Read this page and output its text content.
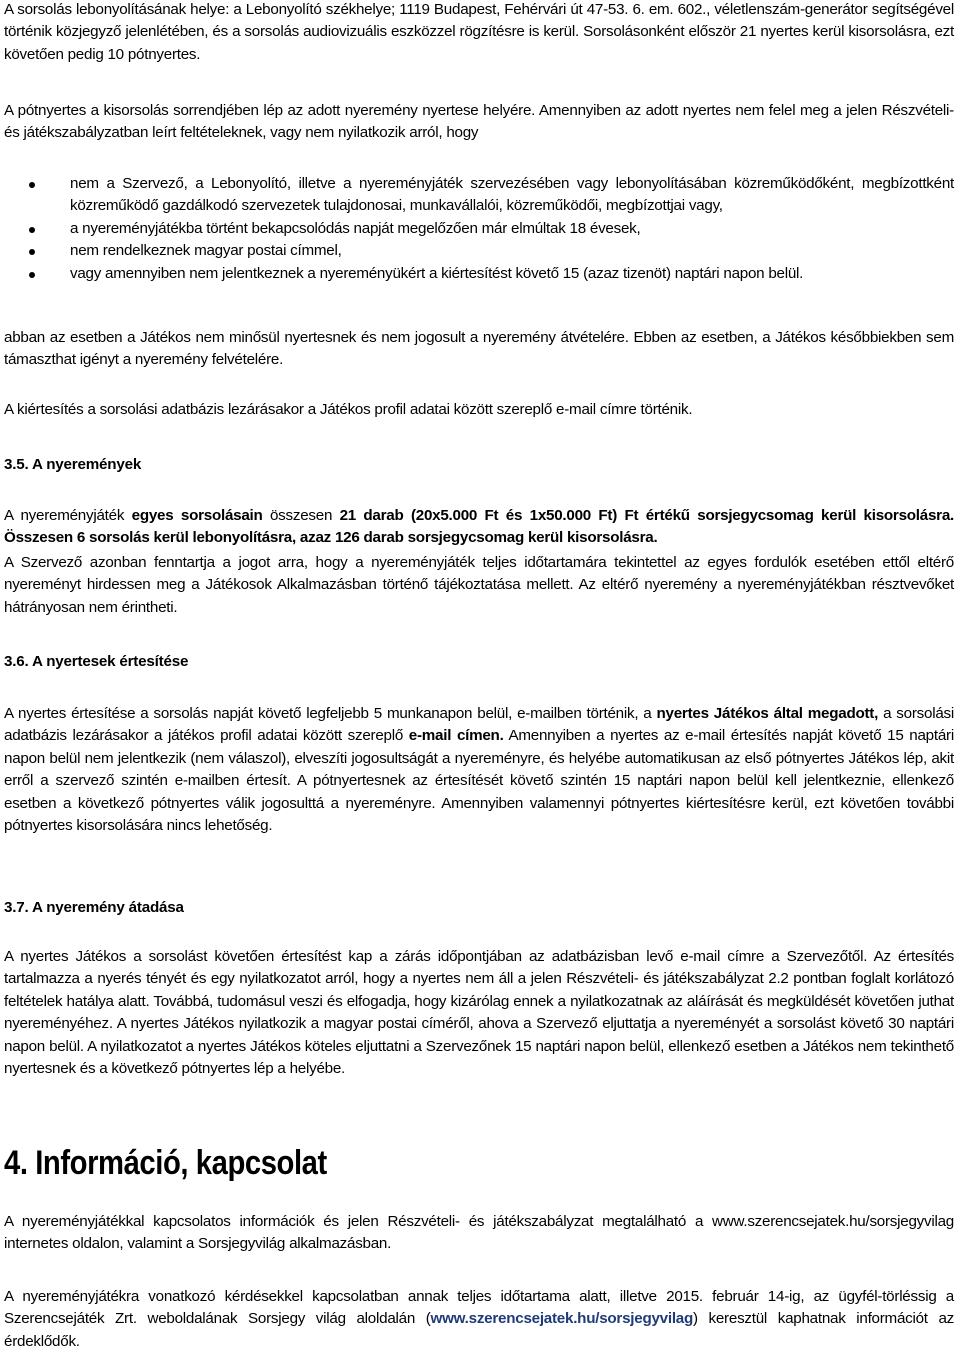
A sorsolás lebonyolításának helye: a Lebonyolító székhelye; 1119 Budapest, Fehérvári út 47-53. 6. em. 602., véletlenszám-generátor segítségével történik közjegyző jelenlétében, és a sorsolás audiovizuális eszközzel rögzítésre is kerül. Sorsolásonként először 21 nyertes kerül kisorsolásra, ezt követően pedig 10 pótnyertes.

A pótnyertes a kisorsolás sorrendjében lép az adott nyeremény nyertese helyére. Amennyiben az adott nyertes nem felel meg a jelen Részvételi- és játékszabályzatban leírt feltételeknek, vagy nem nyilatkozik arról, hogy

nem a Szervező, a Lebonyolító, illetve a nyereményjáték szervezésében vagy lebonyolításában közreműködőként, megbízottként közreműködő gazdálkodó szervezetek tulajdonosai, munkavállalói, közreműködői, megbízottjai vagy,
a nyereményjátékba történt bekapcsolódás napját megelőzően már elmúltak 18 évesek,
nem rendelkeznek magyar postai címmel,
vagy amennyiben nem jelentkeznek a nyereményükért a kiértesítést követő 15 (azaz tizenöt) naptári napon belül.

abban az esetben a Játékos nem minősül nyertesnek és nem jogosult a nyeremény átvételére. Ebben az esetben, a Játékos későbbiekben sem támaszthat igényt a nyeremény felvételére.

A kiértesítés a sorsolási adatbázis lezárásakor a Játékos profil adatai között szereplő e-mail címre történik.

3.5. A nyeremények

A nyereményjáték egyes sorsolásain összesen 21 darab (20x5.000 Ft és 1x50.000 Ft) Ft értékű sorsjegycsomag kerül kisorsolásra. Összesen 6 sorsolás kerül lebonyolításra, azaz 126 darab sorsjegycsomag kerül kisorsolásra.

A Szervező azonban fenntartja a jogot arra, hogy a nyereményjáték teljes időtartamára tekintettel az egyes fordulók esetében ettől eltérő nyereményt hirdessen meg a Játékosok Alkalmazásban történő tájékoztatása mellett. Az eltérő nyeremény a nyereményjátékban résztvevőket hátrányosan nem érintheti.

3.6. A nyertesek értesítése

A nyertes értesítése a sorsolás napját követő legfeljebb 5 munkanapon belül, e-mailben történik, a nyertes Játékos által megadott, a sorsolási adatbázis lezárásakor a játékos profil adatai között szereplő e-mail címen. Amennyiben a nyertes az e-mail értesítés napját követő 15 naptári napon belül nem jelentkezik (nem válaszol), elveszíti jogosultságát a nyereményre, és helyébe automatikusan az első pótnyertes Játékos lép, akit erről a szervező szintén e-mailben értesít. A pótnyertesnek az értesítését követő szintén 15 naptári napon belül kell jelentkeznie, ellenkező esetben a következő pótnyertes válik jogosulttá a nyereményre. Amennyiben valamennyi pótnyertes kiértesítésre kerül, ezt követően további pótnyertes kisorsolására nincs lehetőség.

3.7. A nyeremény átadása

A nyertes Játékos a sorsolást követően értesítést kap a zárás időpontjában az adatbázisban levő e-mail címre a Szervezőtől. Az értesítés tartalmazza a nyerés tényét és egy nyilatkozatot arról, hogy a nyertes nem áll a jelen Részvételi- és játékszabályzat 2.2 pontban foglalt korlátozó feltételek hatálya alatt. Továbbá, tudomásul veszi és elfogadja, hogy kizárólag ennek a nyilatkozatnak az aláírását és megküldését követően juthat nyereményéhez. A nyertes Játékos nyilatkozik a magyar postai címéről, ahova a Szervező eljuttatja a nyereményét a sorsolást követő 30 naptári napon belül. A nyilatkozatot a nyertes Játékos köteles eljuttatni a Szervezőnek 15 naptári napon belül, ellenkező esetben a Játékos nem tekinthető nyertesnek és a következő pótnyertes lép a helyébe.

4. Információ, kapcsolat

A nyereményjátékkal kapcsolatos információk és jelen Részvételi- és játékszabályzat megtalálható a www.szerencsejatek.hu/sorsjegyvilag internetes oldalon, valamint a Sorsjegyvilág alkalmazásban.

A nyereményjátékra vonatkozó kérdésekkel kapcsolatban annak teljes időtartama alatt, illetve 2015. február 14-ig, az ügyfél-törléssig a Szerencsejáték Zrt. weboldalának Sorsjegy világ aloldalán (www.szerencsejatek.hu/sorsjegyvilag) keresztül kaphatnak információt az érdeklődők.
